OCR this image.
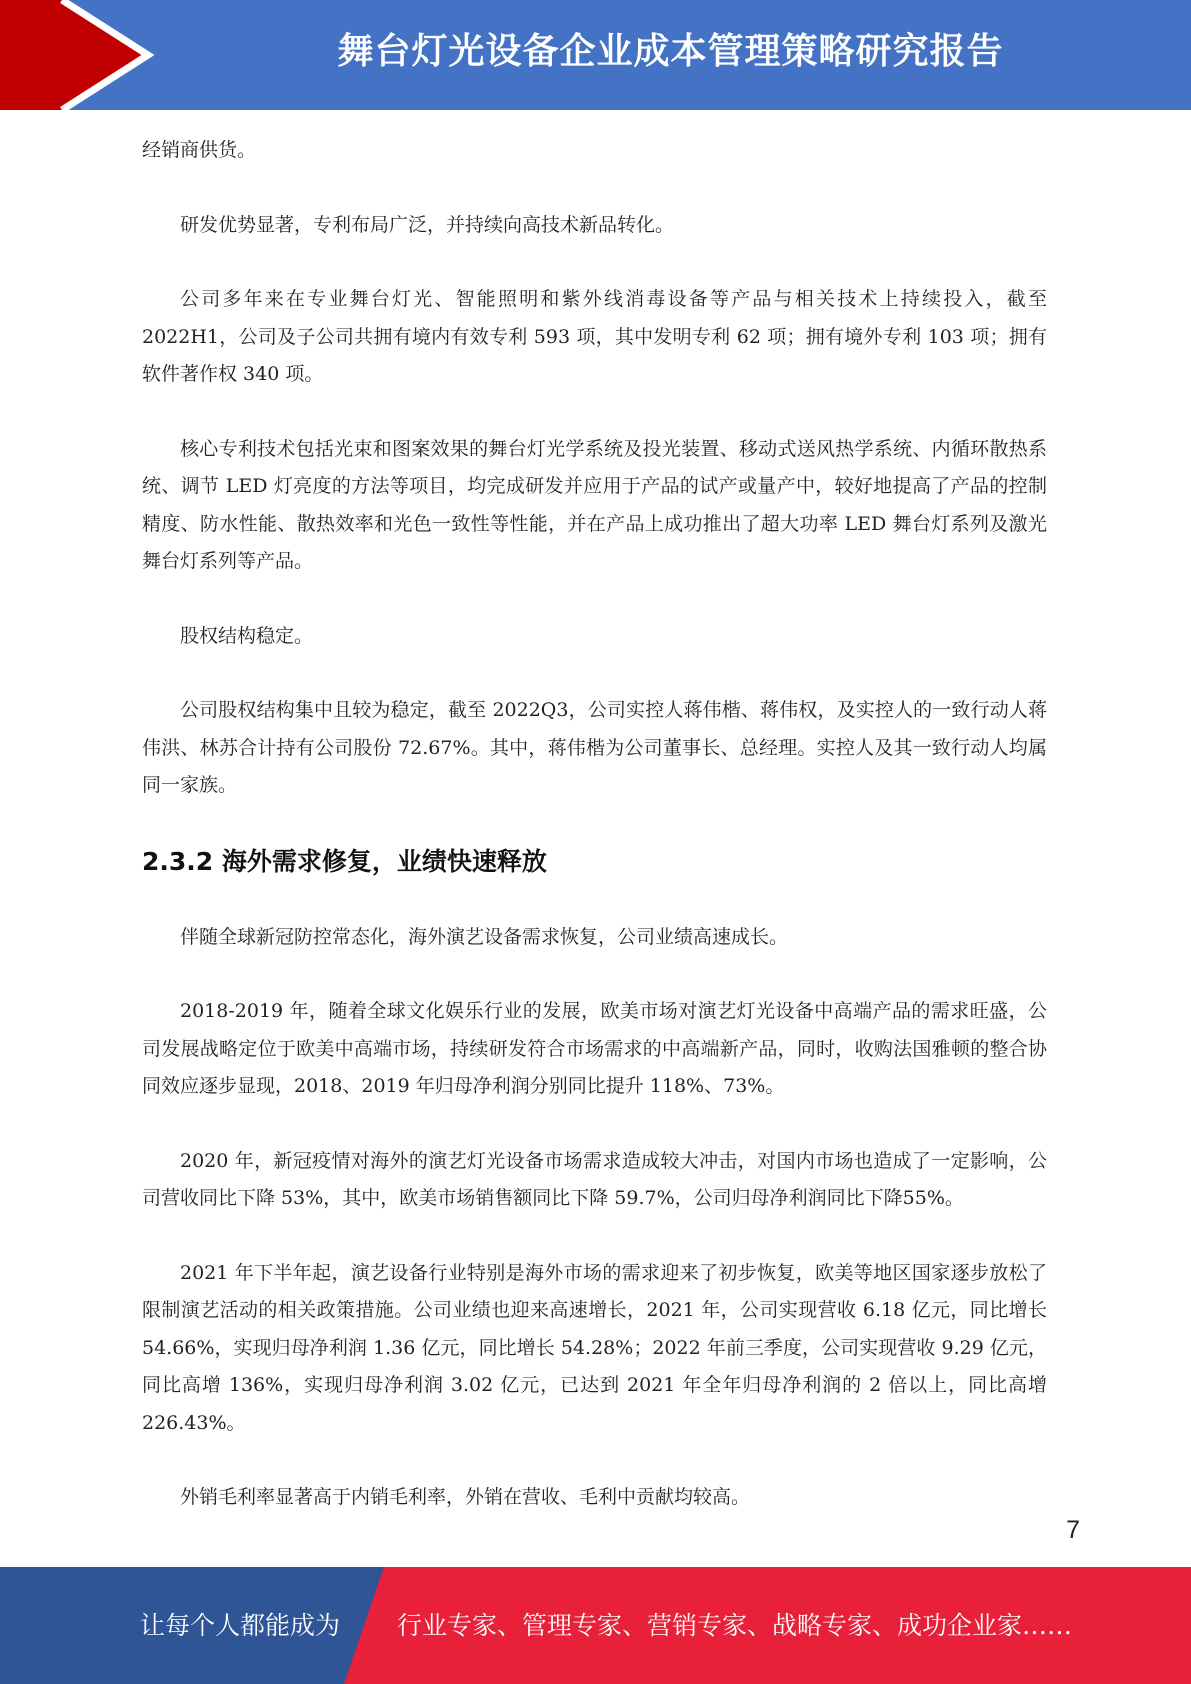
舞台灯光设备企业成本管理策略研究报告

经销商供货。

研发优势显著，专利布局广泛，并持续向高技术新品转化。

公司多年来在专业舞台灯光、智能照明和紫外线消毒设备等产品与相关技术上持续投入，截至2022H1，公司及子公司共拥有境内有效专利 593 项，其中发明专利 62 项；拥有境外专利 103 项；拥有软件著作权 340 项。

核心专利技术包括光束和图案效果的舞台灯光学系统及投光装置、移动式送风热学系统、内循环散热系统、调节 LED 灯亮度的方法等项目，均完成研发并应用于产品的试产或量产中，较好地提高了产品的控制精度、防水性能、散热效率和光色一致性等性能，并在产品上成功推出了超大功率 LED 舞台灯系列及激光舞台灯系列等产品。

股权结构稳定。

公司股权结构集中且较为稳定，截至 2022Q3，公司实控人蒋伟楷、蒋伟权，及实控人的一致行动人蒋伟洪、林苏合计持有公司股份 72.67%。其中，蒋伟楷为公司董事长、总经理。实控人及其一致行动人均属同一家族。

2.3.2 海外需求修复，业绩快速释放

伴随全球新冠防控常态化，海外演艺设备需求恢复，公司业绩高速成长。

2018-2019 年，随着全球文化娱乐行业的发展，欧美市场对演艺灯光设备中高端产品的需求旺盛，公司发展战略定位于欧美中高端市场，持续研发符合市场需求的中高端新产品，同时，收购法国雅顿的整合协同效应逐步显现，2018、2019 年归母净利润分别同比提升 118%、73%。

2020 年，新冠疫情对海外的演艺灯光设备市场需求造成较大冲击，对国内市场也造成了一定影响，公司营收同比下降 53%，其中，欧美市场销售额同比下降 59.7%，公司归母净利润同比下降55%。

2021 年下半年起，演艺设备行业特别是海外市场的需求迎来了初步恢复，欧美等地区国家逐步放松了限制演艺活动的相关政策措施。公司业绩也迎来高速增长，2021 年，公司实现营收 6.18 亿元，同比增长 54.66%，实现归母净利润 1.36 亿元，同比增长 54.28%；2022 年前三季度，公司实现营收 9.29 亿元，同比高增 136%，实现归母净利润 3.02 亿元，已达到 2021 年全年归母净利润的 2 倍以上，同比高增 226.43%。

外销毛利率显著高于内销毛利率，外销在营收、毛利中贡献均较高。

7
让每个人都能成为 行业专家、管理专家、营销专家、战略专家、成功企业家……
